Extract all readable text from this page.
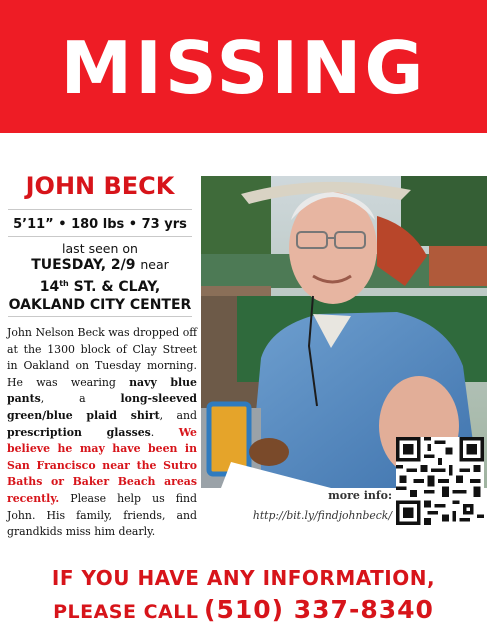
MISSING
JOHN BECK
5’11” • 180 lbs • 73 yrs
last seen on
TUESDAY, 2/9 near
14th ST. & CLAY,
OAKLAND CITY CENTER
John Nelson Beck was dropped off at the 1300 block of Clay Street in Oakland on Tuesday morning. He was wearing navy blue pants, a long-sleeved green/blue plaid shirt, and prescription glasses. We believe he may have been in San Francisco near the Sutro Baths or Baker Beach areas recently. Please help us find John. His family, friends, and grandkids miss him dearly.
more info:
http://bit.ly/findjohnbeck/
IF YOU HAVE ANY INFORMATION,
PLEASE CALL (510) 337-8340
